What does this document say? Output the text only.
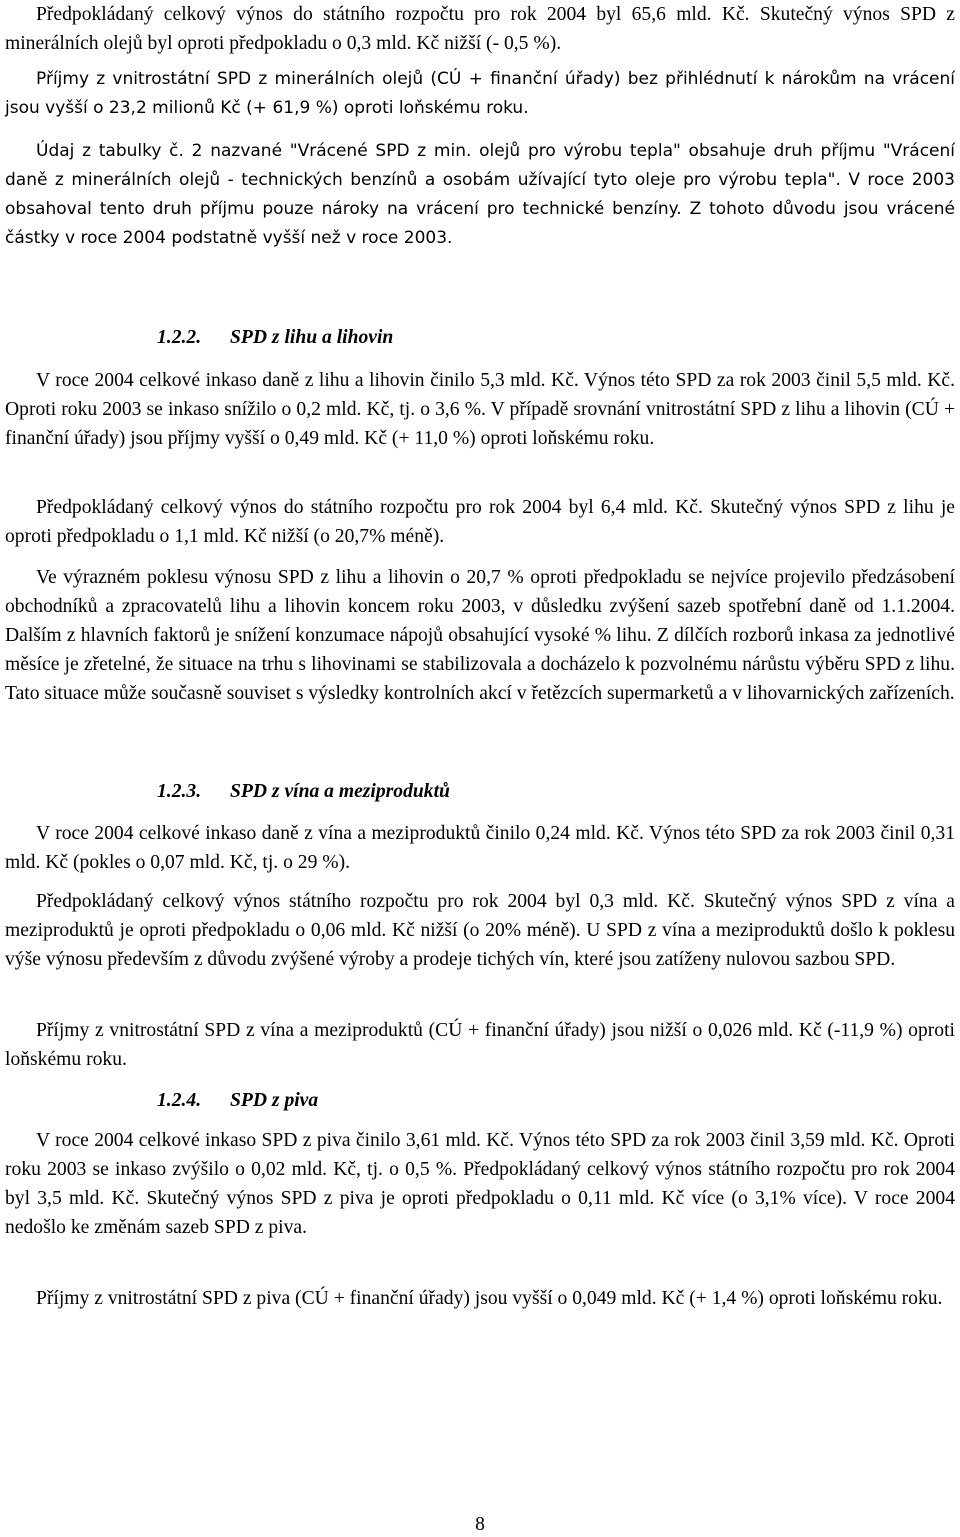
Předpokládaný celkový výnos do státního rozpočtu pro rok 2004 byl 65,6 mld. Kč. Skutečný výnos SPD z minerálních olejů byl oproti předpokladu o 0,3 mld. Kč nižší (- 0,5 %).

Příjmy z vnitrostátní SPD z minerálních olejů (CÚ + finanční úřady) bez přihlédnutí k nárokům na vrácení jsou vyšší o 23,2 milionů Kč (+ 61,9 %) oproti loňskému roku.

Údaj z tabulky č. 2 nazvané "Vrácené SPD z min. olejů pro výrobu tepla" obsahuje druh příjmu "Vrácení daně z minerálních olejů - technických benzínů a osobám užívající tyto oleje pro výrobu tepla". V roce 2003 obsahoval tento druh příjmu pouze nároky na vrácení pro technické benzíny. Z tohoto důvodu jsou vrácené částky v roce 2004 podstatně vyšší než v roce 2003.

1.2.2. SPD z lihu a lihovin

V roce 2004 celkové inkaso daně z lihu a lihovin činilo 5,3 mld. Kč. Výnos této SPD za rok 2003 činil 5,5 mld. Kč. Oproti roku 2003 se inkaso snížilo o 0,2 mld. Kč, tj. o 3,6 %. V případě srovnání vnitrostátní SPD z lihu a lihovin (CÚ + finanční úřady) jsou příjmy vyšší o 0,49 mld. Kč (+ 11,0 %) oproti loňskému roku.

Předpokládaný celkový výnos do státního rozpočtu pro rok 2004 byl 6,4 mld. Kč. Skutečný výnos SPD z lihu je oproti předpokladu o 1,1 mld. Kč nižší (o 20,7% méně).

Ve výrazném poklesu výnosu SPD z lihu a lihovin o 20,7 % oproti předpokladu se nejvíce projevilo předzásobení obchodníků a zpracovatelů lihu a lihovin koncem roku 2003, v důsledku zvýšení sazeb spotřební daně od 1.1.2004. Dalším z hlavních faktorů je snížení konzumace nápojů obsahující vysoké % lihu. Z dílčích rozborů inkasa za jednotlivé měsíce je zřetelné, že situace na trhu s lihovinami se stabilizovala a docházelo k pozvolnému nárůstu výběru SPD z lihu. Tato situace může současně souviset s výsledky kontrolních akcí v řetězcích supermarketů a v lihovarnických zařízeních.

1.2.3. SPD z vína a meziproduktů

V roce 2004 celkové inkaso daně z vína a meziproduktů činilo 0,24 mld. Kč. Výnos této SPD za rok 2003 činil 0,31 mld. Kč (pokles o 0,07 mld. Kč, tj. o 29 %).

Předpokládaný celkový výnos státního rozpočtu pro rok 2004 byl 0,3 mld. Kč. Skutečný výnos SPD z vína a meziproduktů je oproti předpokladu o 0,06 mld. Kč nižší (o 20% méně). U SPD z vína a meziproduktů došlo k poklesu výše výnosu především z důvodu zvýšené výroby a prodeje tichých vín, které jsou zatíženy nulovou sazbou SPD.

Příjmy z vnitrostátní SPD z vína a meziproduktů (CÚ + finanční úřady) jsou nižší o 0,026 mld. Kč (-11,9 %) oproti loňskému roku.

1.2.4. SPD z piva

V roce 2004 celkové inkaso SPD z piva činilo 3,61 mld. Kč. Výnos této SPD za rok 2003 činil 3,59 mld. Kč. Oproti roku 2003 se inkaso zvýšilo o 0,02 mld. Kč, tj. o 0,5 %. Předpokládaný celkový výnos státního rozpočtu pro rok 2004 byl 3,5 mld. Kč. Skutečný výnos SPD z piva je oproti předpokladu o 0,11 mld. Kč více (o 3,1% více). V roce 2004 nedošlo ke změnám sazeb SPD z piva.

Příjmy z vnitrostátní SPD z piva (CÚ + finanční úřady) jsou vyšší o 0,049 mld. Kč (+ 1,4 %) oproti loňskému roku.

8
